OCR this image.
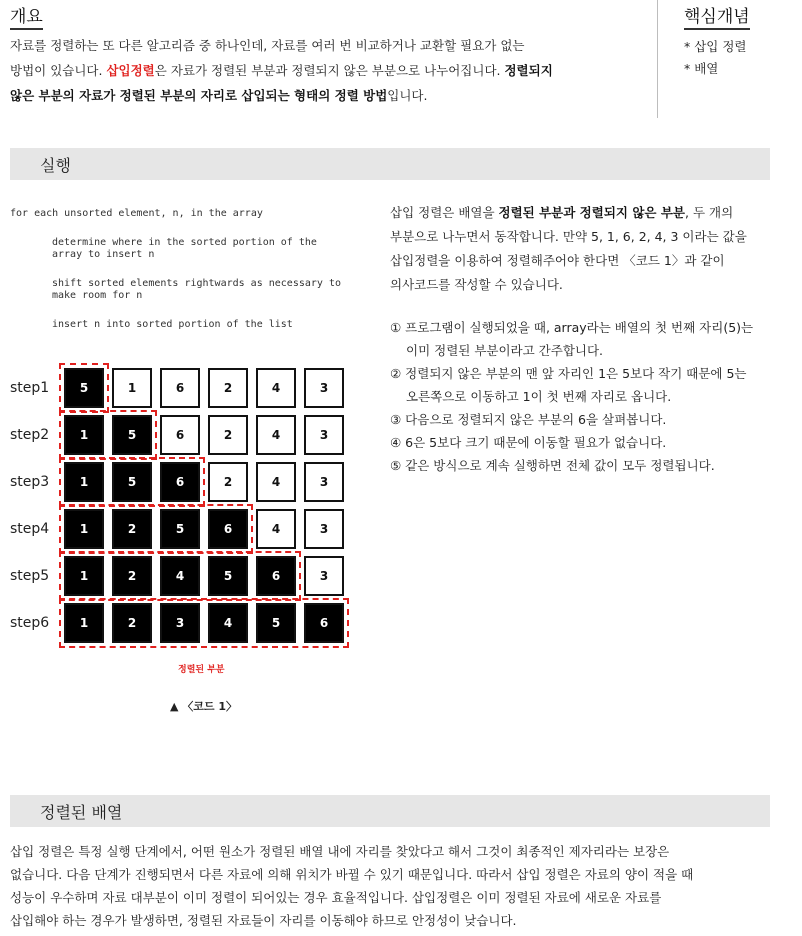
개요
자료를 정렬하는 또 다른 알고리즘 중 하나인데, 자료를 여러 번 비교하거나 교환할 필요가 없는
방법이 있습니다. 삽입정렬은 자료가 정렬된 부분과 정렬되지 않은 부분으로 나누어집니다. 정렬되지
않은 부분의 자료가 정렬된 부분의 자리로 삽입되는 형태의 정렬 방법입니다.
핵심개념
* 삽입 정렬
* 배열
실행
for each unsorted element, n, in the array
determine where in the sorted portion of the
array to insert n
shift sorted elements rightwards as necessary to
make room for n
insert n into sorted portion of the list
삽입 정렬은 배열을 정렬된 부분과 정렬되지 않은 부분, 두 개의
부분으로 나누면서 동작합니다. 만약 5, 1, 6, 2, 4, 3 이라는 값을
삽입정렬을 이용하여 정렬해주어야 한다면 〈코드 1〉과 같이
의사코드를 작성할 수 있습니다.
① 프로그램이 실행되었을 때, array라는 배열의 첫 번째 자리(5)는
이미 정렬된 부분이라고 간주합니다.
② 정렬되지 않은 부분의 맨 앞 자리인 1은 5보다 작기 때문에 5는
오른쪽으로 이동하고 1이 첫 번째 자리로 옵니다.
③ 다음으로 정렬되지 않은 부분의 6을 살펴봅니다.
④ 6은 5보다 크기 때문에 이동할 필요가 없습니다.
⑤ 같은 방식으로 계속 실행하면 전체 값이 모두 정렬됩니다.
step1	5	1	6	2	4	3
step2	1	5	6	2	4	3
step3	1	5	6	2	4	3
step4	1	2	5	6	4	3
step5	1	2	4	5	6	3
step6	1	2	3	4	5	6
정렬된 부분
▲ 〈코드 1〉
정렬된 배열
삽입 정렬은 특정 실행 단계에서, 어떤 원소가 정렬된 배열 내에 자리를 찾았다고 해서 그것이 최종적인 제자리라는 보장은
없습니다. 다음 단계가 진행되면서 다른 자료에 의해 위치가 바뀔 수 있기 때문입니다. 따라서 삽입 정렬은 자료의 양이 적을 때
성능이 우수하며 자료 대부분이 이미 정렬이 되어있는 경우 효율적입니다. 삽입정렬은 이미 정렬된 자료에 새로운 자료를
삽입해야 하는 경우가 발생하면, 정렬된 자료들이 자리를 이동해야 하므로 안정성이 낮습니다.
